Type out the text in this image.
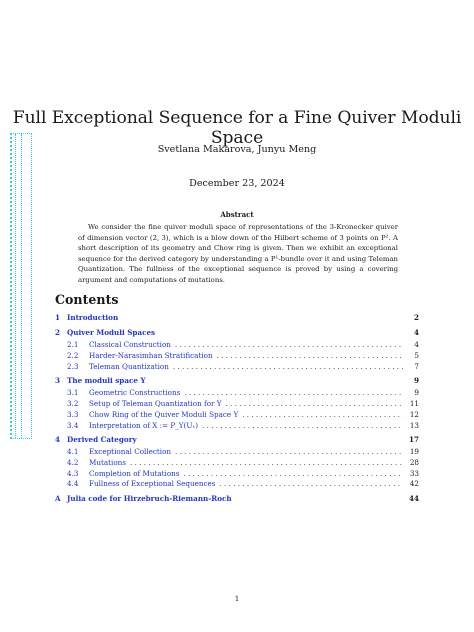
Full Exceptional Sequence for a Fine Quiver Moduli Space
Svetlana Makarova, Junyu Meng
December 23, 2024
Abstract

We consider the fine quiver moduli space of representations of the 3-Kronecker quiver of dimension vector (2, 3), which is a blow down of the Hilbert scheme of 3 points on P². A short description of its geometry and Chow ring is given. Then we exhibit an exceptional sequence for the derived category by understanding a P¹-bundle over it and using Teleman Quantization. The fullness of the exceptional sequence is proved by using a covering argument and computations of mutations.

Contents
1 Introduction	2
2 Quiver Moduli Spaces	4
2.1	Classical Construction . .	4
2.2	Harder-Narasimhan Stratification . .	5
2.3	Teleman Quantization . .	7
3 The moduli space Y	9
3.1	Geometric Constructions . .	9
3.2	Setup of Teleman Quantization for Y . .	11
3.3	Chow Ring of the Quiver Moduli Space Y . .	12
3.4	Interpretation of X := P_Y(U₁) . .	13
4 Derived Category	17
4.1	Exceptional Collection . .	19
4.2	Mutations . .	28
4.3	Completion of Mutations . .	33
4.4	Fullness of Exceptional Sequences . .	42
A Julia code for Hirzebruch-Riemann-Roch	44
1
